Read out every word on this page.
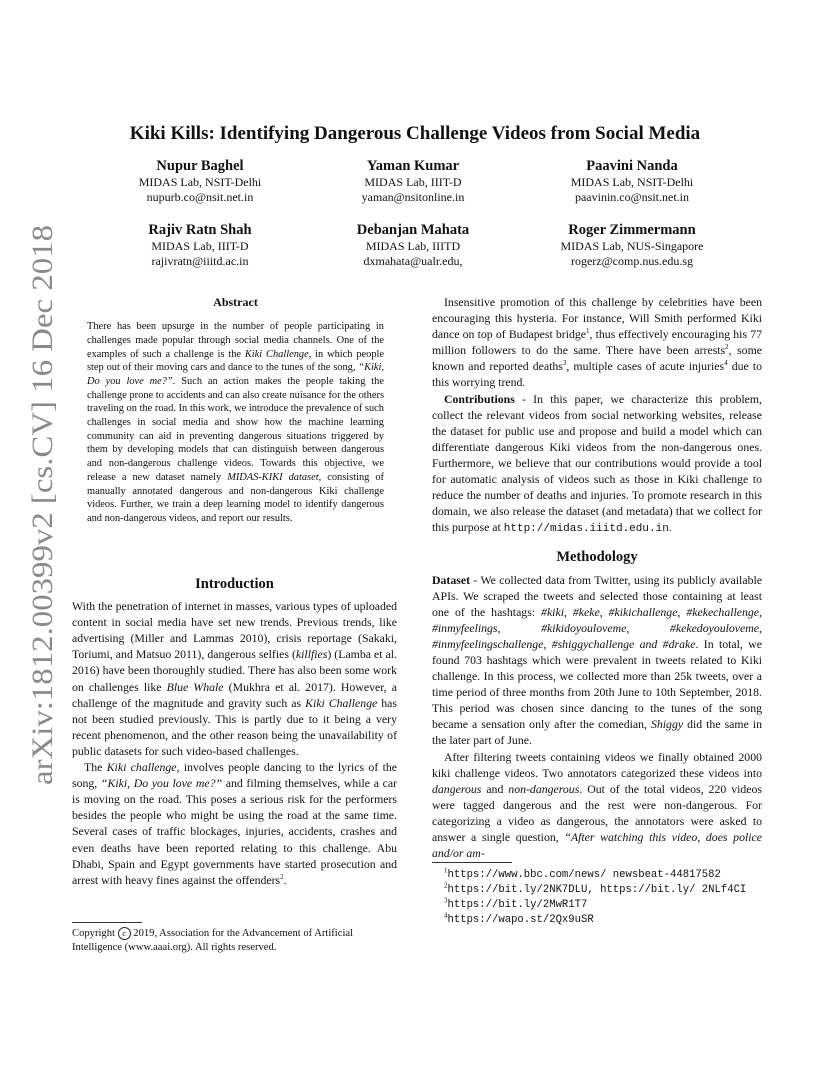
arXiv:1812.00399v2 [cs.CV] 16 Dec 2018
Kiki Kills: Identifying Dangerous Challenge Videos from Social Media
Nupur Baghel
MIDAS Lab, NSIT-Delhi
nupurb.co@nsit.net.in
Yaman Kumar
MIDAS Lab, IIIT-D
yaman@nsitonline.in
Paavini Nanda
MIDAS Lab, NSIT-Delhi
paavinin.co@nsit.net.in
Rajiv Ratn Shah
MIDAS Lab, IIIT-D
rajivratn@iiitd.ac.in
Debanjan Mahata
MIDAS Lab, IIITD
dxmahata@ualr.edu,
Roger Zimmermann
MIDAS Lab, NUS-Singapore
rogerz@comp.nus.edu.sg
Abstract

There has been upsurge in the number of people participating in challenges made popular through social media channels. One of the examples of such a challenge is the Kiki Challenge, in which people step out of their moving cars and dance to the tunes of the song, “Kiki, Do you love me?”. Such an action makes the people taking the challenge prone to accidents and can also create nuisance for the others traveling on the road. In this work, we introduce the prevalence of such challenges in social media and show how the machine learning community can aid in preventing dangerous situations triggered by them by developing models that can distinguish between dangerous and non-dangerous challenge videos. Towards this objective, we release a new dataset namely MIDAS-KIKI dataset, consisting of manually annotated dangerous and non-dangerous Kiki challenge videos. Further, we train a deep learning model to identify dangerous and non-dangerous videos, and report our results.

Introduction

With the penetration of internet in masses, various types of uploaded content in social media have set new trends. Previous trends, like advertising (Miller and Lammas 2010), crisis reportage (Sakaki, Toriumi, and Matsuo 2011), dangerous selfies (killfies) (Lamba et al. 2016) have been thoroughly studied. There has also been some work on challenges like Blue Whale (Mukhra et al. 2017). However, a challenge of the magnitude and gravity such as Kiki Challenge has not been studied previously. This is partly due to it being a very recent phenomenon, and the other reason being the unavailability of public datasets for such video-based challenges.

The Kiki challenge, involves people dancing to the lyrics of the song, “Kiki, Do you love me?” and filming themselves, while a car is moving on the road. This poses a serious risk for the performers besides the people who might be using the road at the same time. Several cases of traffic blockages, injuries, accidents, crashes and even deaths have been reported relating to this challenge. Abu Dhabi, Spain and Egypt governments have started prosecution and arrest with heavy fines against the offenders$^2$.

Copyright c 2019, Association for the Advancement of Artificial Intelligence (www.aaai.org). All rights reserved.

Insensitive promotion of this challenge by celebrities have been encouraging this hysteria. For instance, Will Smith performed Kiki dance on top of Budapest bridge$^1$, thus effectively encouraging his 77 million followers to do the same. There have been arrests$^2$, some known and reported deaths$^3$, multiple cases of acute injuries$^4$ due to this worrying trend.

Contributions - In this paper, we characterize this problem, collect the relevant videos from social networking websites, release the dataset for public use and propose and build a model which can differentiate dangerous Kiki videos from the non-dangerous ones. Furthermore, we believe that our contributions would provide a tool for automatic analysis of videos such as those in Kiki challenge to reduce the number of deaths and injuries. To promote research in this domain, we also release the dataset (and metadata) that we collect for this purpose at http://midas.iiitd.edu.in.

Methodology

Dataset - We collected data from Twitter, using its publicly available APIs. We scraped the tweets and selected those containing at least one of the hashtags: #kiki, #keke, #kikichallenge, #kekechallenge, #inmyfeelings, #kikidoyouloveme, #kekedoyouloveme, #inmyfeelingschallenge, #shiggychallenge and #drake. In total, we found 703 hashtags which were prevalent in tweets related to Kiki challenge. In this process, we collected more than 25k tweets, over a time period of three months from 20th June to 10th September, 2018. This period was chosen since dancing to the tunes of the song became a sensation only after the comedian, Shiggy did the same in the later part of June.

After filtering tweets containing videos we finally obtained 2000 kiki challenge videos. Two annotators categorized these videos into dangerous and non-dangerous. Out of the total videos, 220 videos were tagged dangerous and the rest were non-dangerous. For categorizing a video as dangerous, the annotators were asked to answer a single question, “After watching this video, does police and/or am-

$^1$https://www.bbc.com/news/ newsbeat-44817582
$^2$https://bit.ly/2NK7DLU, https://bit.ly/ 2NLf4CI
$^3$https://bit.ly/2MwR1T7
$^4$https://wapo.st/2Qx9uSR
